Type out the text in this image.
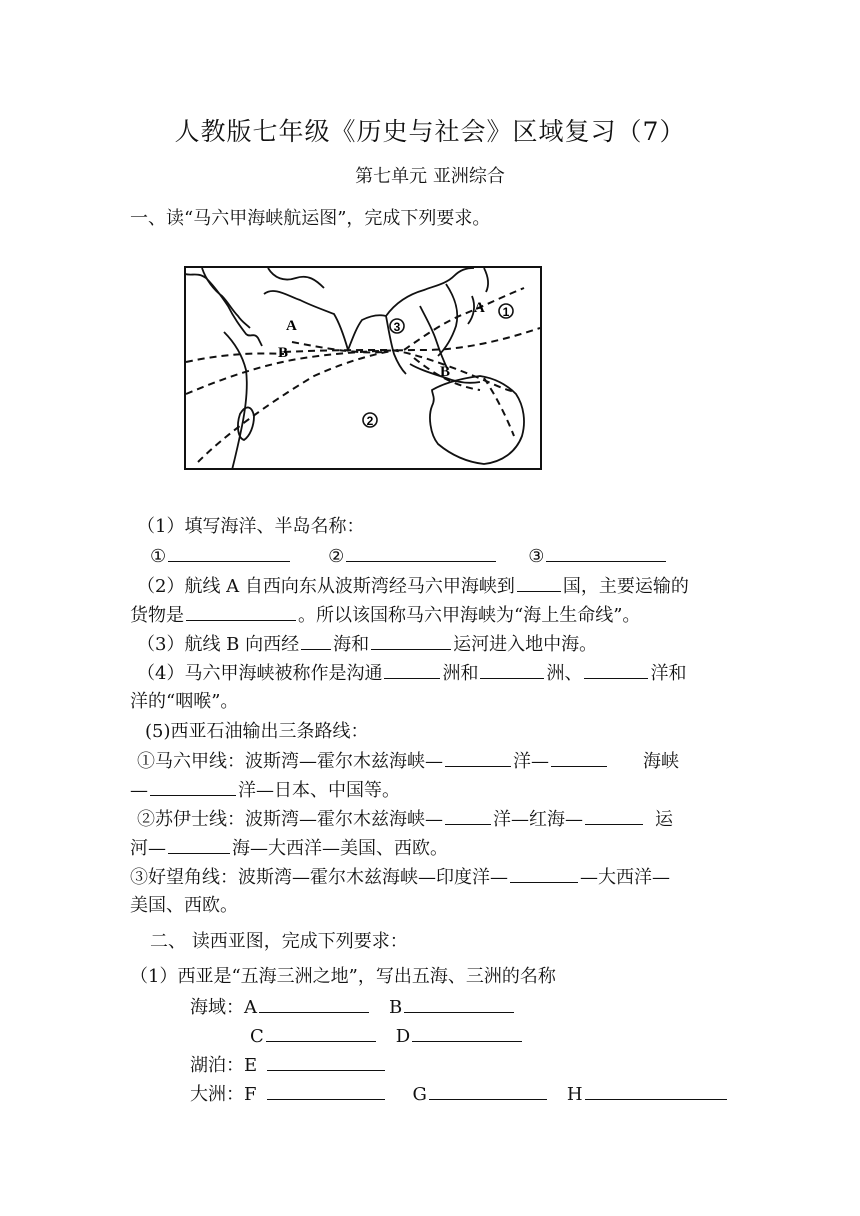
人教版七年级《历史与社会》区域复习（7）
第七单元 亚洲综合
一、读“马六甲海峡航运图”，完成下列要求。
A
B
A
B
1
2
3
（1）填写海洋、半岛名称：
①	②	③
（2）航线 A 自西向东从波斯湾经马六甲海峡到	国，主要运输的
货物是	。所以该国称马六甲海峡为“海上生命线”。
（3）航线 B 向西经 海和	运河进入地中海。
（4）马六甲海峡被称作是沟通	洲和	洲、	洋和
洋的“咽喉”。
(5)西亚石油输出三条路线：
①马六甲线：波斯湾—霍尔木兹海峡—	洋—	海峡
—	洋—日本、中国等。
②苏伊士线：波斯湾—霍尔木兹海峡—	洋—红海—	运
河—	海—大西洋—美国、西欧。
③好望角线：波斯湾—霍尔木兹海峡—印度洋—	—大西洋—
美国、西欧。
二、 读西亚图，完成下列要求：
（1）西亚是“五海三洲之地”，写出五海、三洲的名称
海域：A	B
C	D
湖泊：E
大洲：F	G	H
